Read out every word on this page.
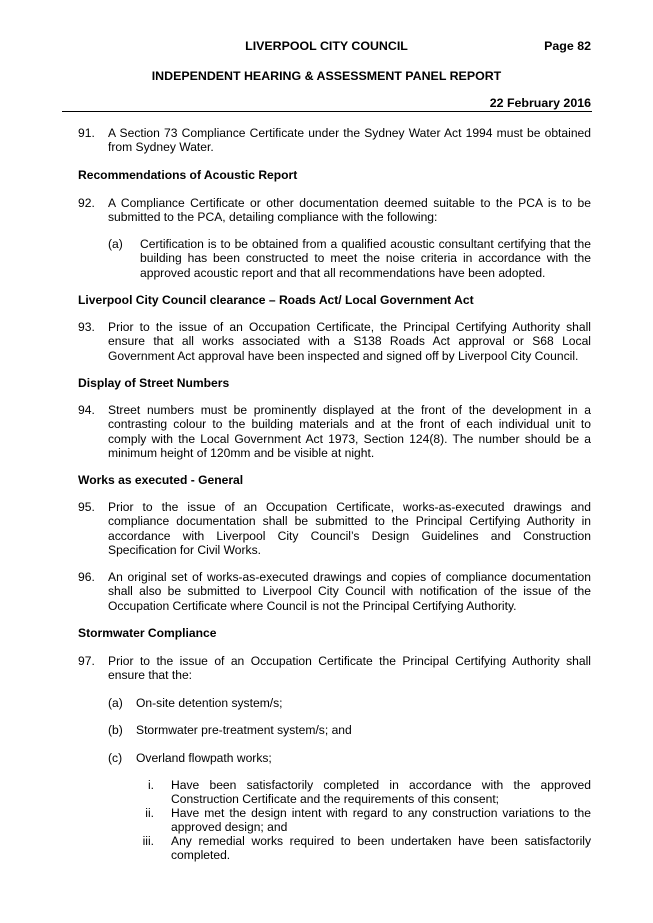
LIVERPOOL CITY COUNCIL	Page 82
INDEPENDENT HEARING & ASSESSMENT PANEL REPORT
22 February 2016
91. A Section 73 Compliance Certificate under the Sydney Water Act 1994 must be obtained from Sydney Water.
Recommendations of Acoustic Report
92. A Compliance Certificate or other documentation deemed suitable to the PCA is to be submitted to the PCA, detailing compliance with the following:
(a) Certification is to be obtained from a qualified acoustic consultant certifying that the building has been constructed to meet the noise criteria in accordance with the approved acoustic report and that all recommendations have been adopted.
Liverpool City Council clearance – Roads Act/ Local Government Act
93. Prior to the issue of an Occupation Certificate, the Principal Certifying Authority shall ensure that all works associated with a S138 Roads Act approval or S68 Local Government Act approval have been inspected and signed off by Liverpool City Council.
Display of Street Numbers
94. Street numbers must be prominently displayed at the front of the development in a contrasting colour to the building materials and at the front of each individual unit to comply with the Local Government Act 1973, Section 124(8). The number should be a minimum height of 120mm and be visible at night.
Works as executed - General
95. Prior to the issue of an Occupation Certificate, works-as-executed drawings and compliance documentation shall be submitted to the Principal Certifying Authority in accordance with Liverpool City Council’s Design Guidelines and Construction Specification for Civil Works.
96. An original set of works-as-executed drawings and copies of compliance documentation shall also be submitted to Liverpool City Council with notification of the issue of the Occupation Certificate where Council is not the Principal Certifying Authority.
Stormwater Compliance
97. Prior to the issue of an Occupation Certificate the Principal Certifying Authority shall ensure that the:
(a) On-site detention system/s;
(b) Stormwater pre-treatment system/s; and
(c) Overland flowpath works;
i. Have been satisfactorily completed in accordance with the approved Construction Certificate and the requirements of this consent;
ii. Have met the design intent with regard to any construction variations to the approved design; and
iii. Any remedial works required to been undertaken have been satisfactorily completed.
